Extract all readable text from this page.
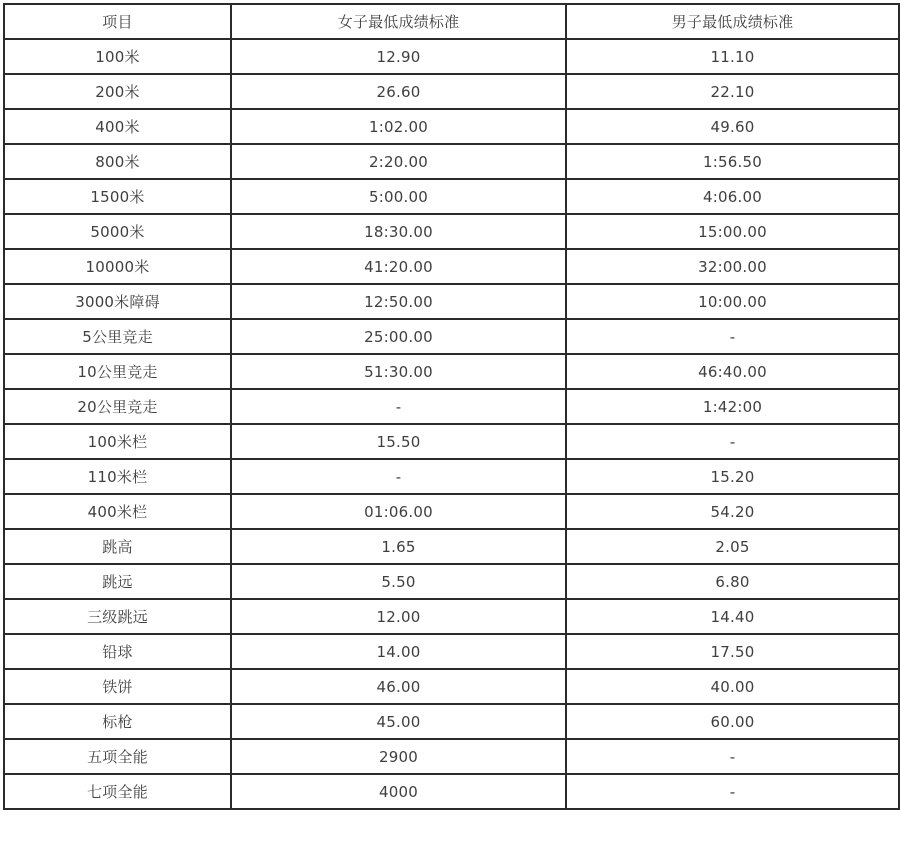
项目	女子最低成绩标准	男子最低成绩标准
100米	12.90	11.10
200米	26.60	22.10
400米	1:02.00	49.60
800米	2:20.00	1:56.50
1500米	5:00.00	4:06.00
5000米	18:30.00	15:00.00
10000米	41:20.00	32:00.00
3000米障碍	12:50.00	10:00.00
5公里竞走	25:00.00	-
10公里竞走	51:30.00	46:40.00
20公里竞走	-	1:42:00
100米栏	15.50	-
110米栏	-	15.20
400米栏	01:06.00	54.20
跳高	1.65	2.05
跳远	5.50	6.80
三级跳远	12.00	14.40
铅球	14.00	17.50
铁饼	46.00	40.00
标枪	45.00	60.00
五项全能	2900	-
七项全能	4000	-
